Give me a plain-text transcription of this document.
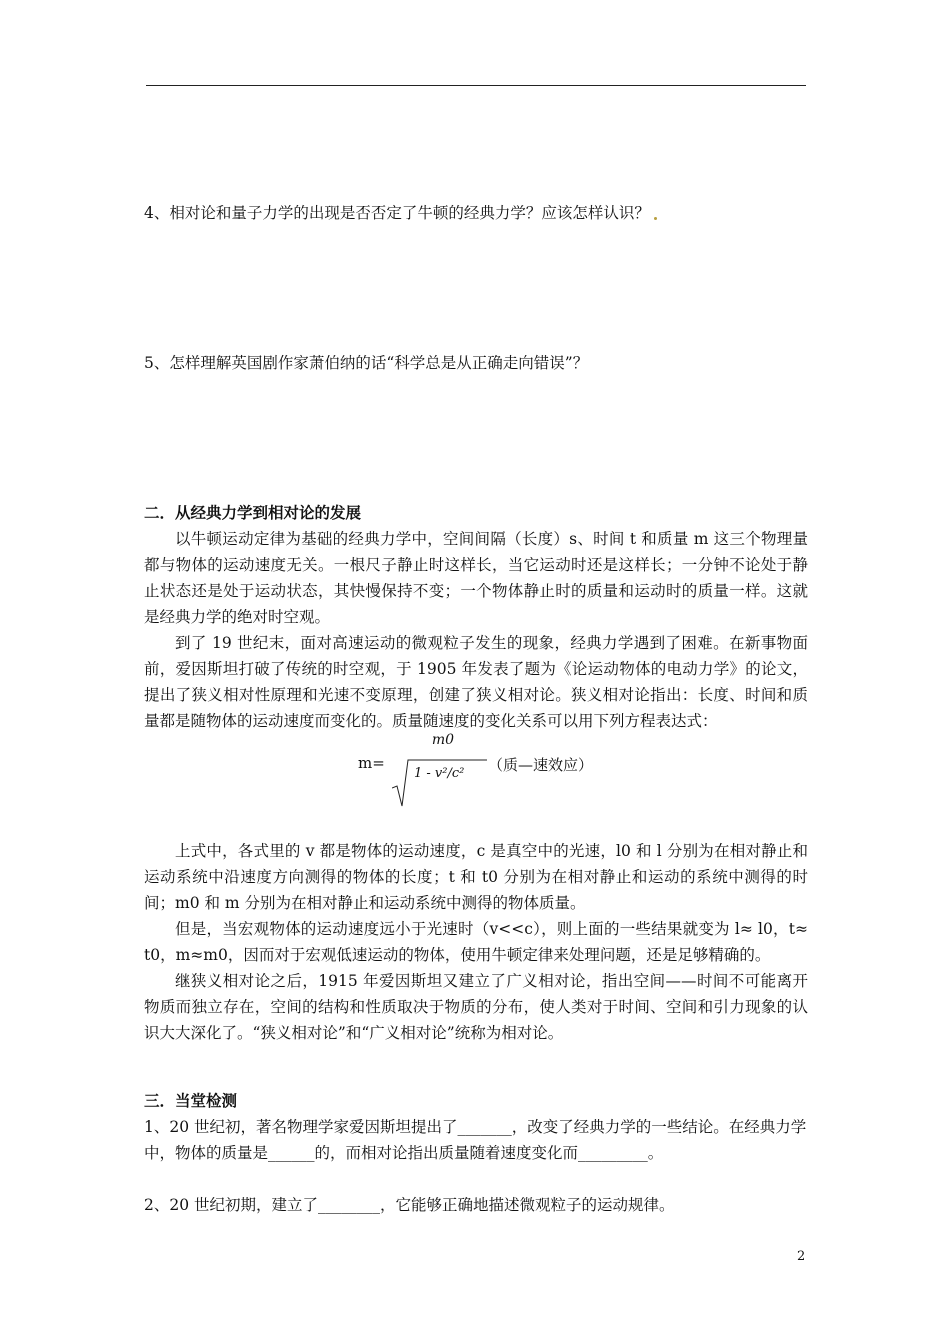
4、相对论和量子力学的出现是否否定了牛顿的经典力学？应该怎样认识？
5、怎样理解英国剧作家萧伯纳的话“科学总是从正确走向错误”？
二．从经典力学到相对论的发展

以牛顿运动定律为基础的经典力学中，空间间隔（长度）s、时间 t 和质量 m 这三个物理量都与物体的运动速度无关。一根尺子静止时这样长，当它运动时还是这样长；一分钟不论处于静止状态还是处于运动状态，其快慢保持不变；一个物体静止时的质量和运动时的质量一样。这就是经典力学的绝对时空观。

到了 19 世纪末，面对高速运动的微观粒子发生的现象，经典力学遇到了困难。在新事物面前，爱因斯坦打破了传统的时空观，于 1905 年发表了题为《论运动物体的电动力学》的论文，提出了狭义相对性原理和光速不变原理，创建了狭义相对论。狭义相对论指出：长度、时间和质量都是随物体的运动速度而变化的。质量随速度的变化关系可以用下列方程表达式：

m=
m0
1 - v²/c² （质—速效应）

上式中，各式里的 v 都是物体的运动速度，c 是真空中的光速，l0 和 l 分别为在相对静止和运动系统中沿速度方向测得的物体的长度；t 和 t0 分别为在相对静止和运动的系统中测得的时间；m0 和 m 分别为在相对静止和运动系统中测得的物体质量。

但是，当宏观物体的运动速度远小于光速时（v<<c），则上面的一些结果就变为 l≈ l0，t≈ t0，m≈m0，因而对于宏观低速运动的物体，使用牛顿定律来处理问题，还是足够精确的。

继狭义相对论之后，1915 年爱因斯坦又建立了广义相对论，指出空间——时间不可能离开物质而独立存在，空间的结构和性质取决于物质的分布，使人类对于时间、空间和引力现象的认识大大深化了。“狭义相对论”和“广义相对论”统称为相对论。

三．当堂检测
1、20 世纪初，著名物理学家爱因斯坦提出了_______，改变了经典力学的一些结论。在经典力学中，物体的质量是______的，而相对论指出质量随着速度变化而_________。
2、20 世纪初期，建立了________，它能够正确地描述微观粒子的运动规律。
2
